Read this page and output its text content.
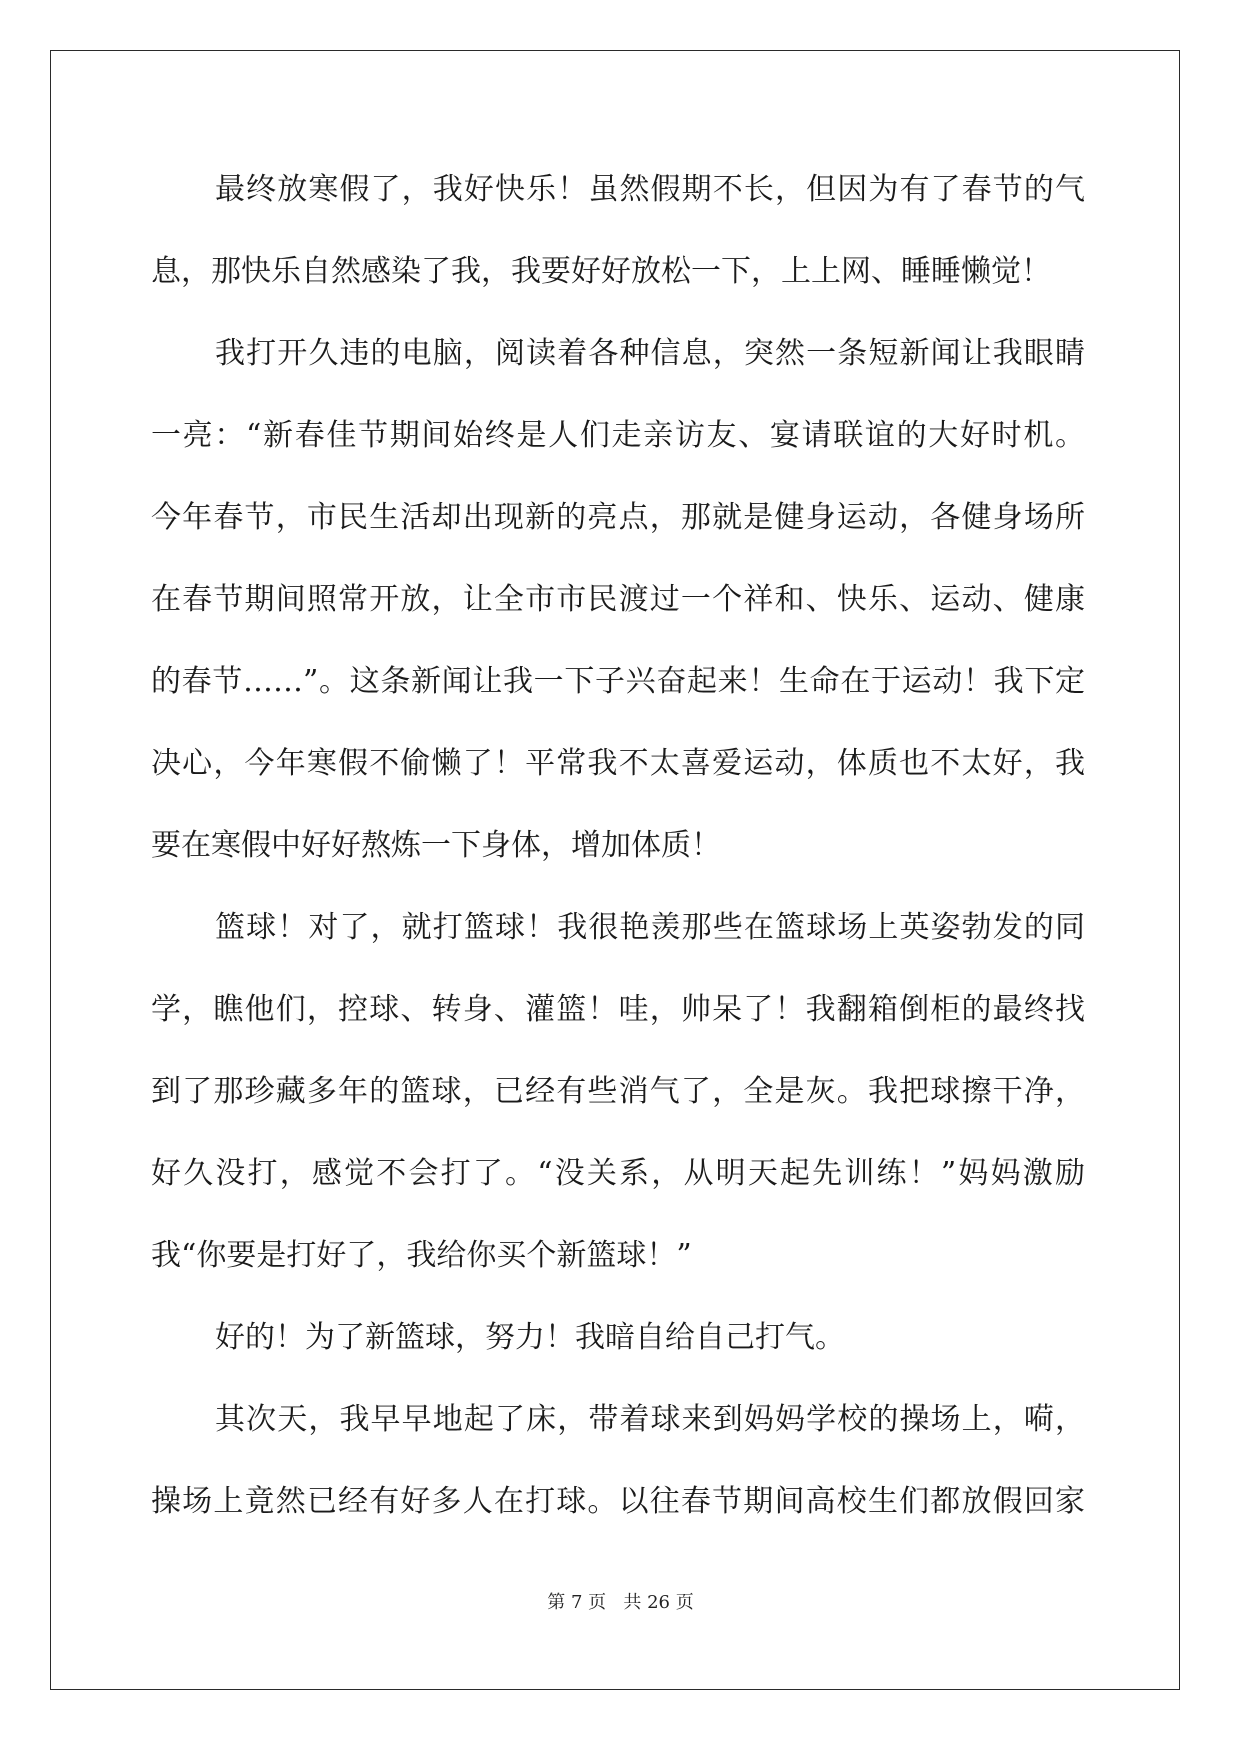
最终放寒假了，我好快乐！虽然假期不长，但因为有了春节的气
息，那快乐自然感染了我，我要好好放松一下，上上网、睡睡懒觉！
我打开久违的电脑，阅读着各种信息，突然一条短新闻让我眼睛
一亮：“新春佳节期间始终是人们走亲访友、宴请联谊的大好时机。
今年春节，市民生活却出现新的亮点，那就是健身运动，各健身场所
在春节期间照常开放，让全市市民渡过一个祥和、快乐、运动、健康
的春节……”。这条新闻让我一下子兴奋起来！生命在于运动！我下定
决心，今年寒假不偷懒了！平常我不太喜爱运动，体质也不太好，我
要在寒假中好好熬炼一下身体，增加体质！
篮球！对了，就打篮球！我很艳羡那些在篮球场上英姿勃发的同
学，瞧他们，控球、转身、灌篮！哇，帅呆了！我翻箱倒柜的最终找
到了那珍藏多年的篮球，已经有些消气了，全是灰。我把球擦干净，
好久没打，感觉不会打了。“没关系，从明天起先训练！”妈妈激励
我“你要是打好了，我给你买个新篮球！”
好的！为了新篮球，努力！我暗自给自己打气。
其次天，我早早地起了床，带着球来到妈妈学校的操场上，嗬，
操场上竟然已经有好多人在打球。以往春节期间高校生们都放假回家
第 7 页 共 26 页
